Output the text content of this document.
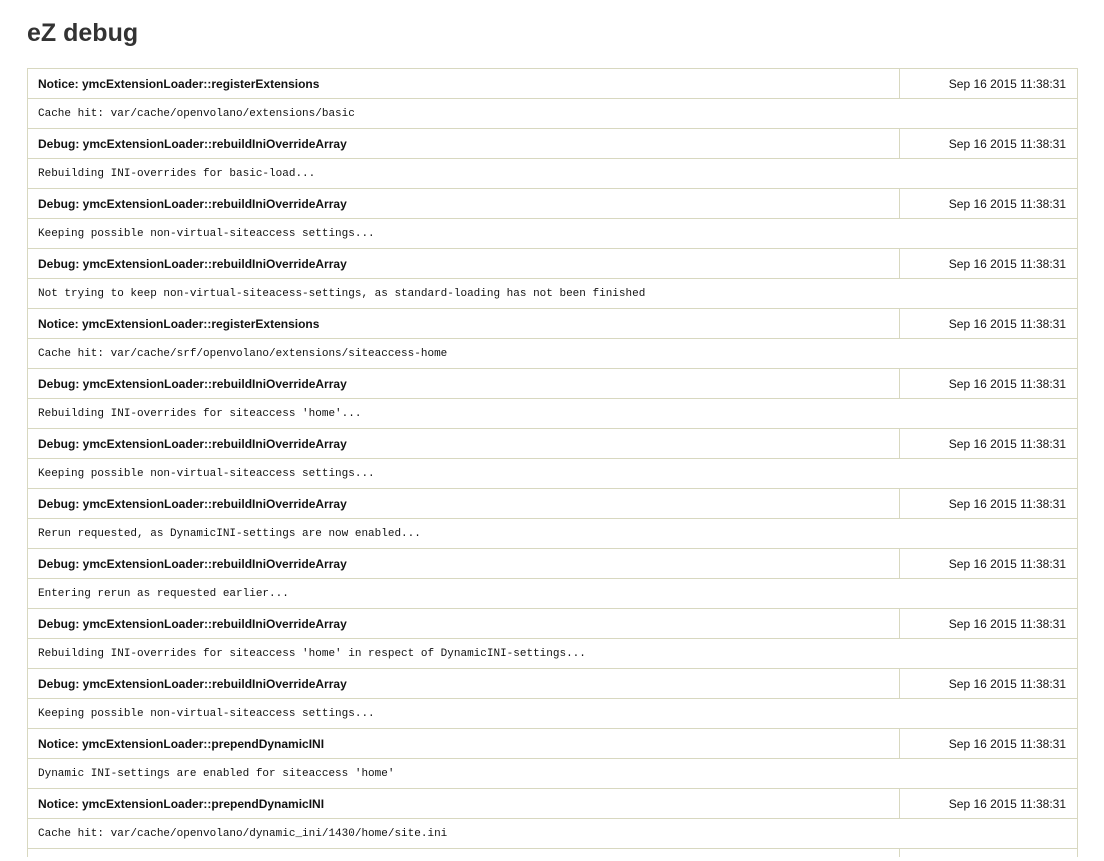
eZ debug
Notice: ymcExtensionLoader::registerExtensions	Sep 16 2015 11:38:31
Cache hit: var/cache/openvolano/extensions/basic	
Debug: ymcExtensionLoader::rebuildIniOverrideArray	Sep 16 2015 11:38:31
Rebuilding INI-overrides for basic-load...	
Debug: ymcExtensionLoader::rebuildIniOverrideArray	Sep 16 2015 11:38:31
Keeping possible non-virtual-siteaccess settings...	
Debug: ymcExtensionLoader::rebuildIniOverrideArray	Sep 16 2015 11:38:31
Not trying to keep non-virtual-siteacess-settings, as standard-loading has not been finished	
Notice: ymcExtensionLoader::registerExtensions	Sep 16 2015 11:38:31
Cache hit: var/cache/srf/openvolano/extensions/siteaccess-home	
Debug: ymcExtensionLoader::rebuildIniOverrideArray	Sep 16 2015 11:38:31
Rebuilding INI-overrides for siteaccess 'home'...	
Debug: ymcExtensionLoader::rebuildIniOverrideArray	Sep 16 2015 11:38:31
Keeping possible non-virtual-siteaccess settings...	
Debug: ymcExtensionLoader::rebuildIniOverrideArray	Sep 16 2015 11:38:31
Rerun requested, as DynamicINI-settings are now enabled...	
Debug: ymcExtensionLoader::rebuildIniOverrideArray	Sep 16 2015 11:38:31
Entering rerun as requested earlier...	
Debug: ymcExtensionLoader::rebuildIniOverrideArray	Sep 16 2015 11:38:31
Rebuilding INI-overrides for siteaccess 'home' in respect of DynamicINI-settings...	
Debug: ymcExtensionLoader::rebuildIniOverrideArray	Sep 16 2015 11:38:31
Keeping possible non-virtual-siteaccess settings...	
Notice: ymcExtensionLoader::prependDynamicINI	Sep 16 2015 11:38:31
Dynamic INI-settings are enabled for siteaccess 'home'	
Notice: ymcExtensionLoader::prependDynamicINI	Sep 16 2015 11:38:31
Cache hit: var/cache/openvolano/dynamic_ini/1430/home/site.ini	
